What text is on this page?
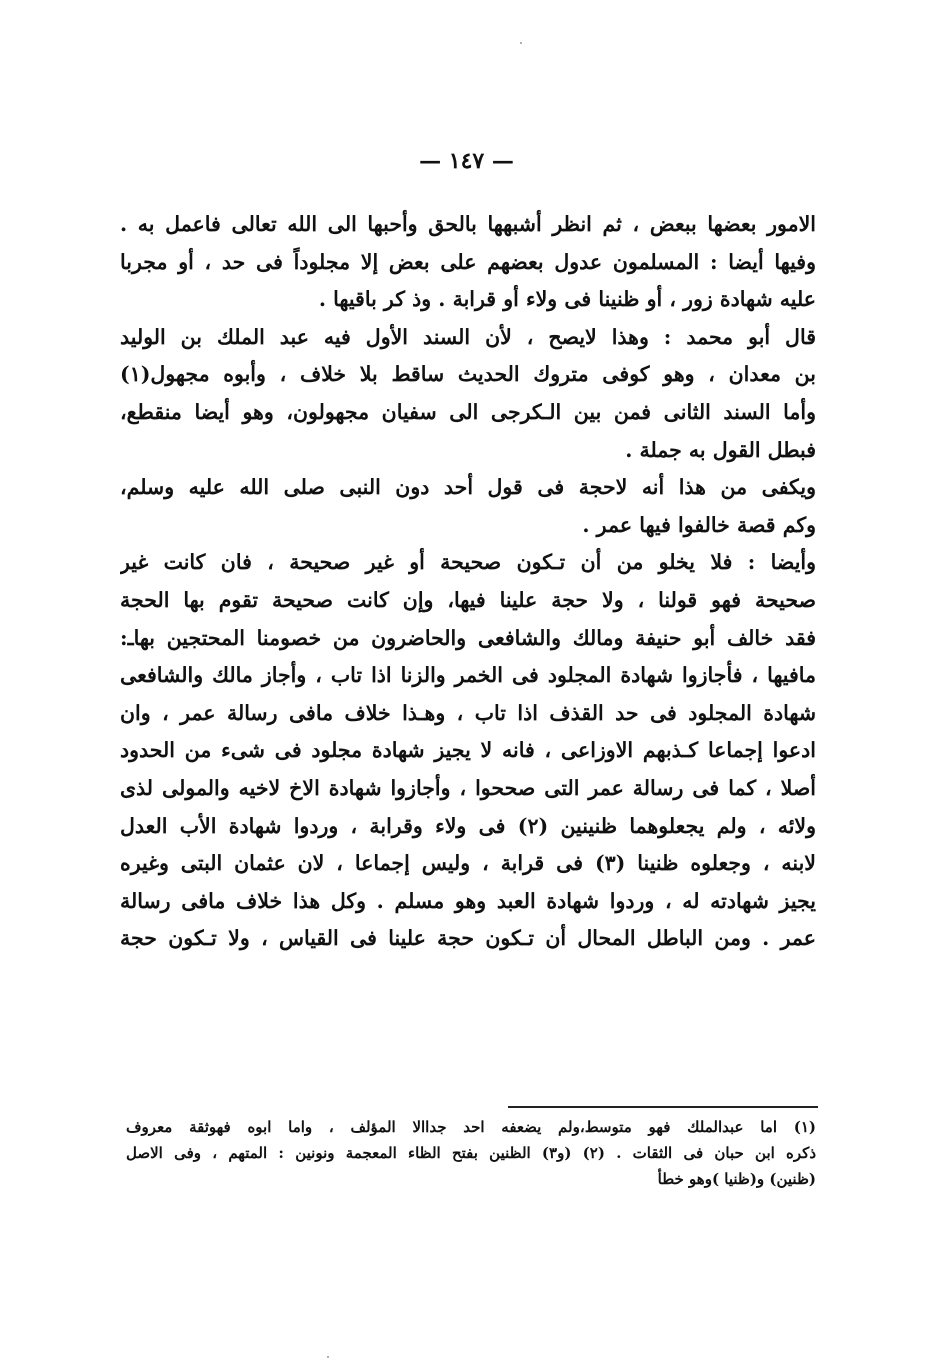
— ١٤٧ —
الامور بعضها ببعض ، ثم انظر أشبهها بالحق وأحبها الى الله تعالى فاعمل به .
وفيها أيضا : المسلمون عدول بعضهم على بعض إلا مجلوداً فى حد ، أو مجربا
عليه شهادة زور ، أو ظنينا فى ولاء أو قرابة . وذ كر باقيها .
قال أبو محمد : وهذا لايصح ، لأن السند الأول فيه عبد الملك بن الوليد
بن معدان ، وهو كوفى متروك الحديث ساقط بلا خلاف ، وأبوه مجهول(١)
وأما السند الثانى فمن بين الـكرجى الى سفيان مجهولون، وهو أيضا منقطع،
فبطل القول به جملة .
ويكفى من هذا أنه لاحجة فى قول أحد دون النبى صلى الله عليه وسلم،
وكم قصة خالفوا فيها عمر .
وأيضا : فلا يخلو من أن تـكون صحيحة أو غير صحيحة ، فان كانت غير
صحيحة فهو قولنا ، ولا حجة علينا فيها، وإن كانت صحيحة تقوم بها الحجة
فقد خالف أبو حنيفة ومالك والشافعى والحاضرون من خصومنا المحتجين بهاـ:
مافيها ، فأجازوا شهادة المجلود فى الخمر والزنا اذا تاب ، وأجاز مالك والشافعى
شهادة المجلود فى حد القذف اذا تاب ، وهـذا خلاف مافى رسالة عمر ، وان
ادعوا إجماعا كـذبهم الاوزاعى ، فانه لا يجيز شهادة مجلود فى شىء من الحدود
أصلا ، كما فى رسالة عمر التى صححوا ، وأجازوا شهادة الاخ لاخيه والمولى لذى
ولائه ، ولم يجعلوهما ظنينين (٢) فى ولاء وقرابة ، وردوا شهادة الأب العدل
لابنه ، وجعلوه ظنينا (٣) فى قرابة ، وليس إجماعا ، لان عثمان البتى وغيره
يجيز شهادته له ، وردوا شهادة العبد وهو مسلم . وكل هذا خلاف مافى رسالة
عمر . ومن الباطل المحال أن تـكون حجة علينا فى القياس ، ولا تـكون حجة
(١) اما عبدالملك فهو متوسط،ولم يضعفه احد جداالا المؤلف ، واما ابوه فهوثقة معروف
ذكره ابن حبان فى الثقات . (٢) (و٣) الظنين بفتح الظاء المعجمة ونونين : المتهم ، وفى الاصل
(ظنين) و(ظنيا )وهو خطأ
